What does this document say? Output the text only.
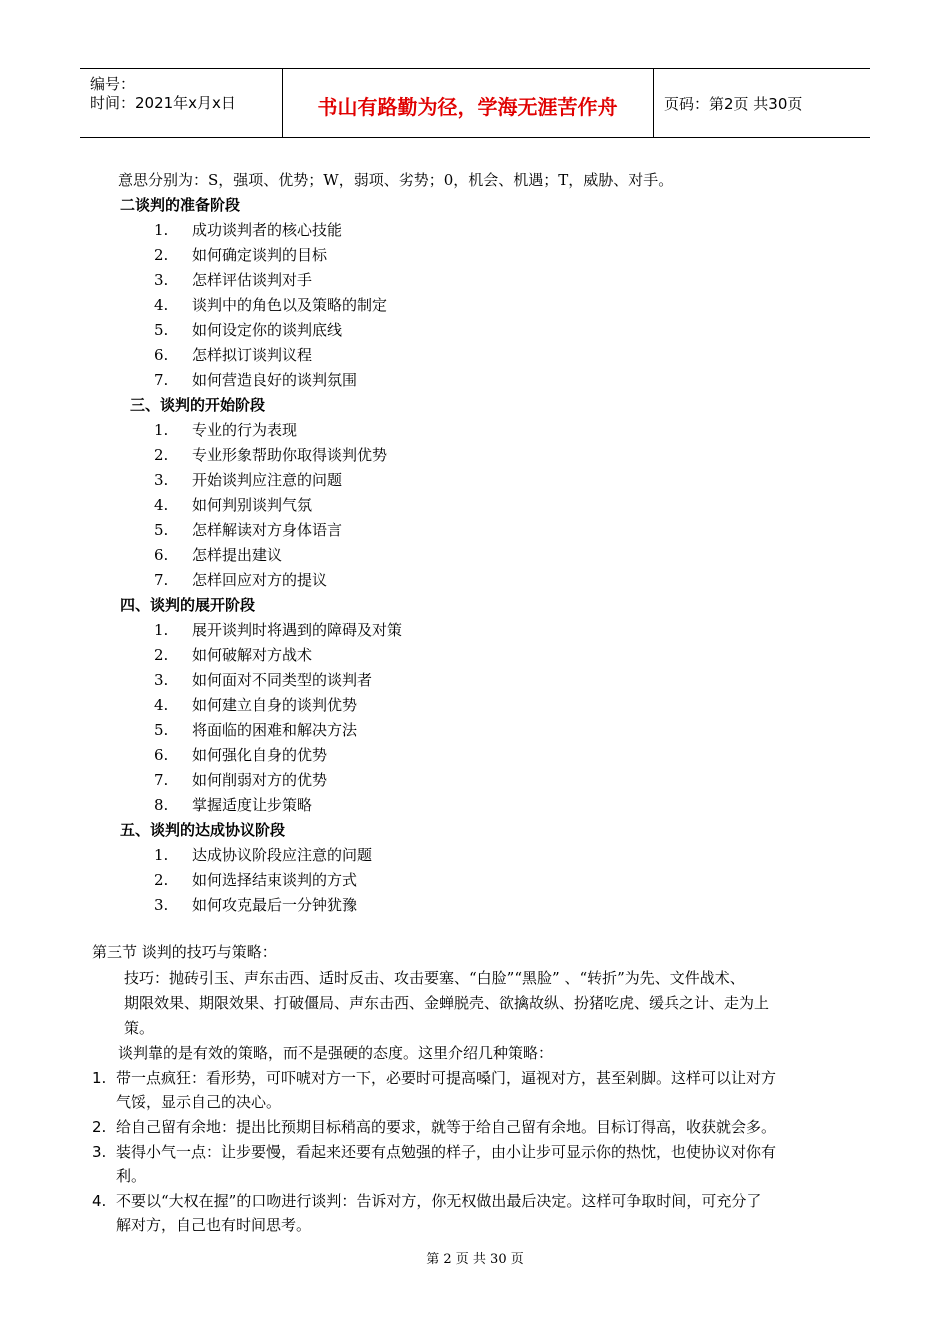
编号：
时间：2021年x月x日	书山有路勤为径，学海无涯苦作舟	页码：第2页 共30页
意思分别为：S，强项、优势；W，弱项、劣势；0，机会、机遇；T，威胁、对手。
二谈判的准备阶段
1. 成功谈判者的核心技能
2. 如何确定谈判的目标
3. 怎样评估谈判对手
4. 谈判中的角色以及策略的制定
5. 如何设定你的谈判底线
6. 怎样拟订谈判议程
7. 如何营造良好的谈判氛围
三、谈判的开始阶段
1. 专业的行为表现
2. 专业形象帮助你取得谈判优势
3. 开始谈判应注意的问题
4. 如何判别谈判气氛
5. 怎样解读对方身体语言
6. 怎样提出建议
7. 怎样回应对方的提议
四、谈判的展开阶段
1. 展开谈判时将遇到的障碍及对策
2. 如何破解对方战术
3. 如何面对不同类型的谈判者
4. 如何建立自身的谈判优势
5. 将面临的困难和解决方法
6. 如何强化自身的优势
7. 如何削弱对方的优势
8. 掌握适度让步策略
五、谈判的达成协议阶段
1. 达成协议阶段应注意的问题
2. 如何选择结束谈判的方式
3. 如何攻克最后一分钟犹豫
第三节 谈判的技巧与策略：
技巧：抛砖引玉、声东击西、适时反击、攻击要塞、“白脸”“黑脸” 、“转折”为先、文件战术、
期限效果、期限效果、打破僵局、声东击西、金蝉脱壳、欲擒故纵、扮猪吃虎、缓兵之计、走为上
策。
谈判靠的是有效的策略，而不是强硬的态度。这里介绍几种策略：
1. 带一点疯狂：看形势，可吓唬对方一下，必要时可提高嗓门，逼视对方，甚至剁脚。这样可以让对方
气馁，显示自己的决心。
2. 给自己留有余地：提出比预期目标稍高的要求，就等于给自己留有余地。目标订得高，收获就会多。
3. 装得小气一点：让步要慢，看起来还要有点勉强的样子，由小让步可显示你的热忱，也使协议对你有
利。
4. 不要以“大权在握”的口吻进行谈判：告诉对方，你无权做出最后决定。这样可争取时间，可充分了
解对方，自己也有时间思考。
第 2 页 共 30 页
